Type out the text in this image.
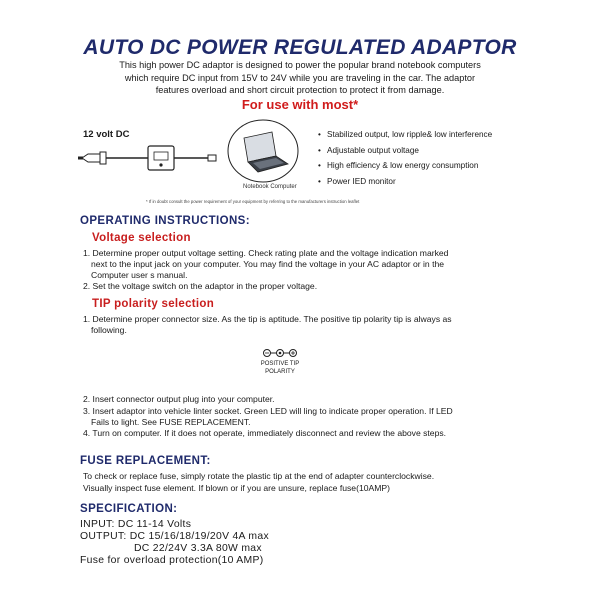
AUTO DC POWER REGULATED ADAPTOR
This high power DC adaptor is designed to power the popular brand notebook computers
which require DC input from 15V to 24V while you are traveling in the car. The adaptor
features overload and short circuit protection to protect it from damage.
For use with most*
12 volt DC
Notebook Computer
• Stabilized output, low ripple& low interference
• Adjustable output voltage
• High efficiency & low energy consumption
• Power IED monitor
* If in doubt consult the power requirement of your equipment by referring to the manufacturers instruction leaflet
OPERATING INSTRUCTIONS:
Voltage selection
1. Determine proper output voltage setting. Check rating plate and the voltage indication marked
next to the input jack on your computer. You may find the voltage in your AC adaptor or in the
Computer user s manual.
2. Set the voltage switch on the adaptor in the proper voltage.
TIP polarity selection
1. Determine proper connector size. As the tip is aptitude. The positive tip polarity tip is always as
following.
POSITIVE TIP
POLARITY
2. Insert connector output plug into your computer.
3. Insert adaptor into vehicle linter socket. Green LED will ling to indicate proper operation. If LED
Fails to light. See FUSE REPLACEMENT.
4. Turn on computer. If it does not operate, immediately disconnect and review the above steps.
FUSE REPLACEMENT:
To check or replace fuse, simply rotate the plastic tip at the end of adapter counterclockwise.
Visually inspect fuse element. If blown or if you are unsure, replace fuse(10AMP)
SPECIFICATION:
INPUT: DC 11-14 Volts
OUTPUT: DC 15/16/18/19/20V 4A max
DC 22/24V 3.3A 80W max
Fuse for overload protection(10 AMP)
